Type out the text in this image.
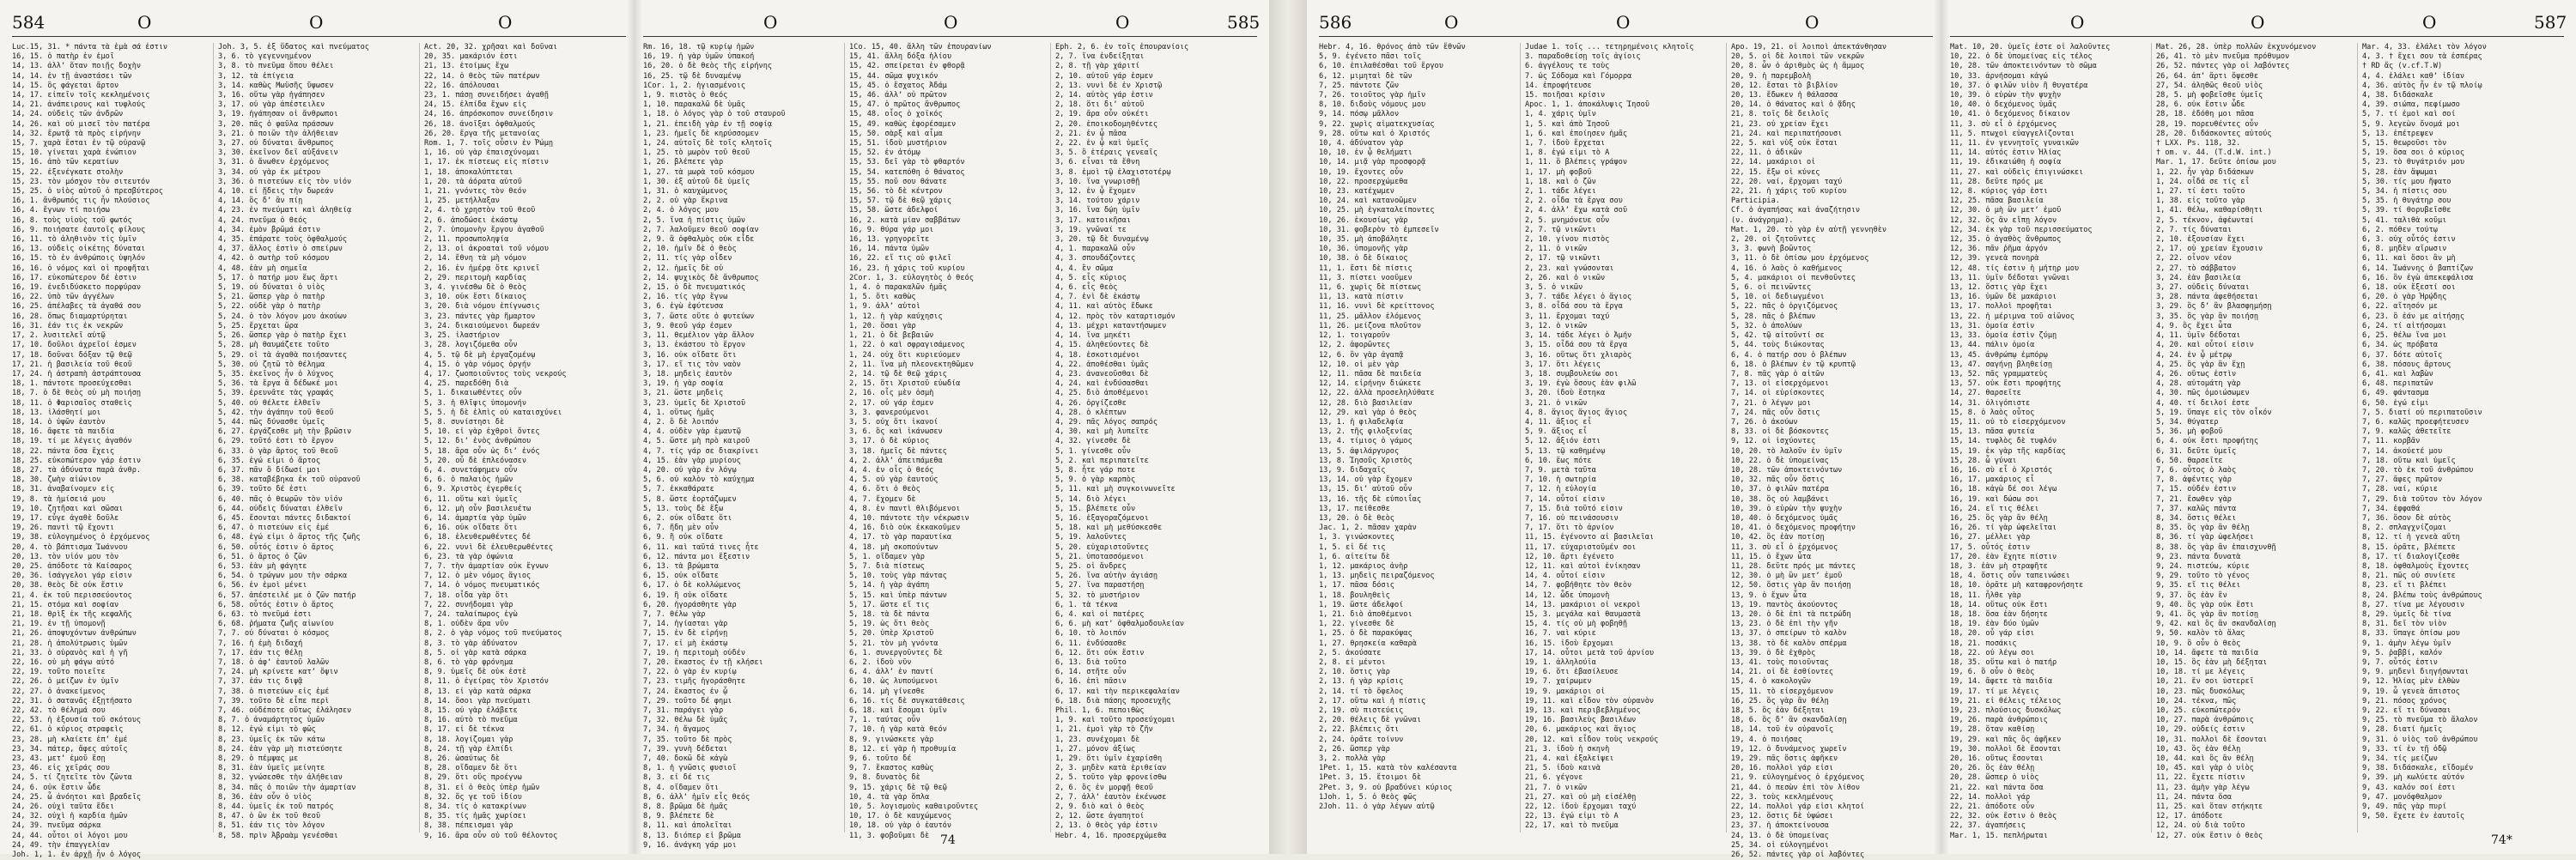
584	O	O	O
Luc.15, 31. * πάντα τὰ ἐμὰ σά ἐστιν
16, 15. ὁ πατὴρ ἐν ἐμοῖ
14, 13. ἀλλʼ ὅταν ποιῇς δοχὴν
14, 14. ἐν τῇ ἀναστάσει τῶν
14, 15. ὃς φάγεται ἄρτον
14, 17. εἰπεῖν τοῖς κεκλημένοις
14, 21. ἀνάπειρους καὶ τυφλούς
14, 24. οὐδεὶς τῶν ἀνδρῶν
14, 26. καὶ οὐ μισεῖ τὸν πατέρα
14, 32. ἔρωτᾷ τὰ πρὸς εἰρήνην
15, 7. χαρὰ ἔσται ἐν τῷ οὐρανῷ
15, 10. γίνεται χαρὰ ἐνώπιον
15, 16. ἀπὸ τῶν κερατίων
15, 22. ἐξενέγκατε στολὴν
15, 23. τὸν μόσχον τὸν σιτευτόν
15, 25. ὁ υἱὸς αὐτοῦ ὁ πρεσβύτερος
16, 1. ἄνθρωπός τις ἦν πλούσιος
16, 4. ἔγνων τί ποιήσω
16, 8. τοὺς υἱοὺς τοῦ φωτός
16, 9. ποιήσατε ἑαυτοῖς φίλους
16, 11. τὸ ἀληθινὸν τίς ὑμῖν
16, 13. οὐδεὶς οἰκέτης δύναται
16, 15. τὸ ἐν ἀνθρώποις ὑψηλόν
16, 16. ὁ νόμος καὶ οἱ προφῆται
16, 17. εὐκοπώτερον δέ ἐστιν
16, 19. ἐνεδιδύσκετο πορφύραν
16, 22. ὑπὸ τῶν ἀγγέλων
16, 25. ἀπέλαβες τὰ ἀγαθά σου
16, 28. ὅπως διαμαρτύρηται
16, 31. ἐάν τις ἐκ νεκρῶν
17, 2. λυσιτελεῖ αὐτῷ
17, 10. δοῦλοι ἀχρεῖοί ἐσμεν
17, 18. δοῦναι δόξαν τῷ θεῷ
17, 21. ἡ βασιλεία τοῦ θεοῦ
17, 24. ἡ ἀστραπὴ ἀστράπτουσα
18, 1. πάντοτε προσεύχεσθαι
18, 7. ὁ δὲ θεὸς οὐ μὴ ποιήσῃ
18, 11. ὁ Φαρισαῖος σταθεὶς
18, 13. ἱλάσθητί μοι
18, 14. ὁ ὑψῶν ἑαυτὸν
18, 16. ἄφετε τὰ παιδία
18, 19. τί με λέγεις ἀγαθόν
18, 22. πάντα ὅσα ἔχεις
18, 25. εὐκοπώτερον γάρ ἐστιν
18, 27. τὰ ἀδύνατα παρὰ ἀνθρ.
18, 30. ζωὴν αἰώνιον
18, 31. ἀναβαίνομεν εἰς
19, 8. τὰ ἡμίσειά μου
19, 10. ζητῆσαι καὶ σῶσαι
19, 17. εὖγε ἀγαθὲ δοῦλε
19, 26. παντὶ τῷ ἔχοντι
19, 38. εὐλογημένος ὁ ἐρχόμενος
20, 4. τὸ βάπτισμα Ἰωάννου
20, 13. τὸν υἱόν μου τὸν
20, 25. ἀπόδοτε τὰ Καίσαρος
20, 36. ἰσάγγελοι γάρ εἰσιν
20, 38. θεὸς δὲ οὐκ ἔστιν
21, 4. ἐκ τοῦ περισσεύοντος
21, 15. στόμα καὶ σοφίαν
21, 18. θρὶξ ἐκ τῆς κεφαλῆς
21, 19. ἐν τῇ ὑπομονῇ
21, 26. ἀποψυχόντων ἀνθρώπων
21, 28. ἡ ἀπολύτρωσις ὑμῶν
21, 33. ὁ οὐρανὸς καὶ ἡ γῆ
22, 16. οὐ μὴ φάγω αὐτό
22, 19. τοῦτο ποιεῖτε
22, 26. ὁ μείζων ἐν ὑμῖν
22, 27. ὁ ἀνακείμενος
22, 31. ὁ σατανᾶς ἐξῃτήσατο
22, 42. τὸ θέλημά σου
22, 53. ἡ ἐξουσία τοῦ σκότους
22, 61. ὁ κύριος στραφεὶς
23, 28. μὴ κλαίετε ἐπʼ ἐμέ
23, 34. πάτερ, ἄφες αὐτοῖς
23, 43. μετʼ ἐμοῦ ἔσῃ
23, 46. εἰς χεῖράς σου
24, 5. τί ζητεῖτε τὸν ζῶντα
24, 6. οὐκ ἔστιν ὧδε
24, 25. ὦ ἀνόητοι καὶ βραδεῖς
24, 26. οὐχὶ ταῦτα ἔδει
24, 32. οὐχὶ ἡ καρδία ἡμῶν
24, 39. πνεῦμα σάρκα
24, 44. οὗτοι οἱ λόγοι μου
24, 49. τὴν ἐπαγγελίαν
Joh. 1, 1. ἐν ἀρχῇ ἦν ὁ λόγος
Joh. 3, 5. ἐξ ὕδατος καὶ πνεύματος
3, 6. τὸ γεγεννημένον
3, 8. τὸ πνεῦμα ὅπου θέλει
3, 12. τὰ ἐπίγεια
3, 14. καθὼς Μωϋσῆς ὕψωσεν
3, 16. οὕτω γὰρ ἠγάπησεν
3, 17. οὐ γὰρ ἀπέστειλεν
3, 19. ἠγάπησαν οἱ ἄνθρωποι
3, 20. πᾶς ὁ φαῦλα πράσσων
3, 21. ὁ ποιῶν τὴν ἀλήθειαν
3, 27. οὐ δύναται ἄνθρωπος
3, 30. ἐκεῖνον δεῖ αὐξάνειν
3, 31. ὁ ἄνωθεν ἐρχόμενος
3, 34. οὐ γὰρ ἐκ μέτρου
3, 36. ὁ πιστεύων εἰς τὸν υἱόν
4, 10. εἰ ᾔδεις τὴν δωρεάν
4, 14. ὃς δʼ ἂν πίῃ
4, 23. ἐν πνεύματι καὶ ἀληθείᾳ
4, 24. πνεῦμα ὁ θεός
4, 34. ἐμὸν βρῶμά ἐστιν
4, 35. ἐπάρατε τοὺς ὀφθαλμούς
4, 37. ἄλλος ἐστὶν ὁ σπείρων
4, 42. ὁ σωτὴρ τοῦ κόσμου
4, 48. ἐὰν μὴ σημεῖα
5, 17. ὁ πατήρ μου ἕως ἄρτι
5, 19. οὐ δύναται ὁ υἱὸς
5, 21. ὥσπερ γὰρ ὁ πατὴρ
5, 22. οὐδὲ γὰρ ὁ πατὴρ
5, 24. ὁ τὸν λόγον μου ἀκούων
5, 25. ἔρχεται ὥρα
5, 26. ὥσπερ γὰρ ὁ πατὴρ ἔχει
5, 28. μὴ θαυμάζετε τοῦτο
5, 29. οἱ τὰ ἀγαθὰ ποιήσαντες
5, 30. οὐ ζητῶ τὸ θέλημα
5, 35. ἐκεῖνος ἦν ὁ λύχνος
5, 36. τὰ ἔργα ἃ δέδωκέ μοι
5, 39. ἐρευνᾶτε τὰς γραφάς
5, 40. οὐ θέλετε ἐλθεῖν
5, 42. τὴν ἀγάπην τοῦ θεοῦ
5, 44. πῶς δύνασθε ὑμεῖς
6, 27. ἐργάζεσθε μὴ τὴν βρῶσιν
6, 29. τοῦτό ἐστι τὸ ἔργον
6, 33. ὁ γὰρ ἄρτος τοῦ θεοῦ
6, 35. ἐγώ εἰμι ὁ ἄρτος
6, 37. πᾶν ὃ δίδωσί μοι
6, 38. καταβέβηκα ἐκ τοῦ οὐρανοῦ
6, 39. τοῦτο δέ ἐστι
6, 40. πᾶς ὁ θεωρῶν τὸν υἱόν
6, 44. οὐδεὶς δύναται ἐλθεῖν
6, 45. ἔσονται πάντες διδακτοί
6, 47. ὁ πιστεύων εἰς ἐμέ
6, 48. ἐγώ εἰμι ὁ ἄρτος τῆς ζωῆς
6, 50. οὗτός ἐστιν ὁ ἄρτος
6, 51. ὁ ἄρτος ὁ ζῶν
6, 53. ἐὰν μὴ φάγητε
6, 54. ὁ τρώγων μου τὴν σάρκα
6, 56. ἐν ἐμοὶ μένει
6, 57. ἀπέστειλέ με ὁ ζῶν πατήρ
6, 58. οὗτός ἐστιν ὁ ἄρτος
6, 63. τὸ πνεῦμά ἐστι
6, 68. ῥήματα ζωῆς αἰωνίου
7, 7. οὐ δύναται ὁ κόσμος
7, 16. ἡ ἐμὴ διδαχή
7, 17. ἐάν τις θέλῃ
7, 18. ὁ ἀφʼ ἑαυτοῦ λαλῶν
7, 24. μὴ κρίνετε κατʼ ὄψιν
7, 37. ἐάν τις διψᾷ
7, 38. ὁ πιστεύων εἰς ἐμέ
7, 39. τοῦτο δὲ εἶπε περὶ
7, 46. οὐδέποτε οὕτως ἐλάλησεν
8, 7. ὁ ἀναμάρτητος ὑμῶν
8, 12. ἐγώ εἰμι τὸ φῶς
8, 23. ὑμεῖς ἐκ τῶν κάτω
8, 24. ἐὰν γὰρ μὴ πιστεύσητε
8, 29. ὁ πέμψας με
8, 31. ἐὰν ὑμεῖς μείνητε
8, 32. γνώσεσθε τὴν ἀλήθειαν
8, 34. πᾶς ὁ ποιῶν τὴν ἁμαρτίαν
8, 36. ἐὰν οὖν ὁ υἱὸς
8, 44. ὑμεῖς ἐκ τοῦ πατρός
8, 47. ὁ ὢν ἐκ τοῦ θεοῦ
8, 51. ἐάν τις τὸν λόγον
8, 58. πρὶν Ἀβραὰμ γενέσθαι
Act. 20, 32. χρῆσαι καὶ δοῦναι
20, 35. μακάριόν ἐστι
21, 13. ἑτοίμως ἔχω
22, 14. ὁ θεὸς τῶν πατέρων
22, 16. ἀπόλουσαι
23, 1. πάσῃ συνειδήσει ἀγαθῇ
24, 15. ἐλπίδα ἔχων εἰς
24, 16. ἀπρόσκοπον συνείδησιν
26, 18. ἀνοῖξαι ὀφθαλμούς
26, 20. ἔργα τῆς μετανοίας
Rom. 1, 7. τοῖς οὖσιν ἐν Ῥώμῃ
1, 16. οὐ γὰρ ἐπαισχύνομαι
1, 17. ἐκ πίστεως εἰς πίστιν
1, 18. ἀποκαλύπτεται
1, 20. τὰ ἀόρατα αὐτοῦ
1, 21. γνόντες τὸν θεόν
1, 25. μετήλλαξαν
2, 4. τὸ χρηστὸν τοῦ θεοῦ
2, 6. ἀποδώσει ἑκάστῳ
2, 7. ὑπομονὴν ἔργου ἀγαθοῦ
2, 11. προσωποληψία
2, 13. οἱ ἀκροαταὶ τοῦ νόμου
2, 14. ἔθνη τὰ μὴ νόμον
2, 16. ἐν ἡμέρᾳ ὅτε κρινεῖ
2, 29. περιτομὴ καρδίας
3, 4. γινέσθω δὲ ὁ θεὸς
3, 10. οὐκ ἔστι δίκαιος
3, 20. διὰ νόμου ἐπίγνωσις
3, 23. πάντες γὰρ ἥμαρτον
3, 24. δικαιούμενοι δωρεάν
3, 25. ἱλαστήριον
3, 28. λογιζόμεθα οὖν
4, 5. τῷ δὲ μὴ ἐργαζομένῳ
4, 15. ὁ γὰρ νόμος ὀργήν
4, 17. ζωοποιοῦντος τοὺς νεκρούς
4, 25. παρεδόθη διὰ
5, 1. δικαιωθέντες οὖν
5, 3. ἡ θλῖψις ὑπομονήν
5, 5. ἡ δὲ ἐλπὶς οὐ καταισχύνει
5, 8. συνίστησι δὲ
5, 10. εἰ γὰρ ἐχθροὶ ὄντες
5, 12. διʼ ἑνὸς ἀνθρώπου
5, 18. ἄρα οὖν ὡς διʼ ἑνός
5, 20. οὗ δὲ ἐπλεόνασεν
6, 4. συνετάφημεν οὖν
6, 6. ὁ παλαιὸς ἡμῶν
6, 9. Χριστὸς ἐγερθείς
6, 11. οὕτω καὶ ὑμεῖς
6, 12. μὴ οὖν βασιλευέτω
6, 14. ἁμαρτία γὰρ ὑμῶν
6, 16. οὐκ οἴδατε ὅτι
6, 18. ἐλευθερωθέντες δέ
6, 22. νυνὶ δὲ ἐλευθερωθέντες
6, 23. τὰ γὰρ ὀψώνια
7, 7. τὴν ἁμαρτίαν οὐκ ἔγνων
7, 12. ὁ μὲν νόμος ἅγιος
7, 14. ὁ νόμος πνευματικός
7, 18. οἶδα γὰρ ὅτι
7, 22. συνήδομαι γὰρ
7, 24. ταλαίπωρος ἐγὼ
8, 1. οὐδὲν ἄρα νῦν
8, 2. ὁ γὰρ νόμος τοῦ πνεύματος
8, 3. τὸ γὰρ ἀδύνατον
8, 5. οἱ γὰρ κατὰ σάρκα
8, 6. τὸ γὰρ φρόνημα
8, 9. ὑμεῖς δὲ οὐκ ἐστὲ
8, 11. ὁ ἐγείρας τὸν Χριστόν
8, 13. εἰ γὰρ κατὰ σάρκα
8, 14. ὅσοι γὰρ πνεύματι
8, 15. οὐ γὰρ ἐλάβετε
8, 16. αὐτὸ τὸ πνεῦμα
8, 17. εἰ δὲ τέκνα
8, 18. λογίζομαι γὰρ
8, 24. τῇ γὰρ ἐλπίδι
8, 26. ὡσαύτως δὲ
8, 28. οἴδαμεν δὲ ὅτι
8, 29. ὅτι οὓς προέγνω
8, 31. εἰ ὁ θεὸς ὑπὲρ ἡμῶν
8, 32. ὅς γε τοῦ ἰδίου
8, 34. τίς ὁ κατακρίνων
8, 35. τίς ἡμᾶς χωρίσει
8, 38. πέπεισμαι γὰρ
9, 16. ἄρα οὖν οὐ τοῦ θέλοντος
O	O	O	585
Rm. 16, 18. τῷ κυρίῳ ἡμῶν
16, 19. ἡ γὰρ ὑμῶν ὑπακοή
16, 20. ὁ δὲ θεὸς τῆς εἰρήνης
16, 25. τῷ δὲ δυναμένῳ
1Cor. 1, 2. ἡγιασμένοις
1, 9. πιστὸς ὁ θεός
1, 10. παρακαλῶ δὲ ὑμᾶς
1, 18. ὁ λόγος γὰρ ὁ τοῦ σταυροῦ
1, 21. ἐπειδὴ γὰρ ἐν τῇ σοφίᾳ
1, 23. ἡμεῖς δὲ κηρύσσομεν
1, 24. αὐτοῖς δὲ τοῖς κλητοῖς
1, 25. τὸ μωρὸν τοῦ θεοῦ
1, 26. βλέπετε γὰρ
1, 27. τὰ μωρὰ τοῦ κόσμου
1, 30. ἐξ αὐτοῦ δὲ ὑμεῖς
1, 31. ὁ καυχώμενος
2, 2. οὐ γὰρ ἔκρινα
2, 4. ὁ λόγος μου
2, 5. ἵνα ἡ πίστις ὑμῶν
2, 7. λαλοῦμεν θεοῦ σοφίαν
2, 9. ἃ ὀφθαλμὸς οὐκ εἶδε
2, 10. ἡμῖν δὲ ὁ θεὸς
2, 11. τίς γὰρ οἶδεν
2, 12. ἡμεῖς δὲ οὐ
2, 14. ψυχικὸς δὲ ἄνθρωπος
2, 15. ὁ δὲ πνευματικός
2, 16. τίς γὰρ ἔγνω
3, 6. ἐγὼ ἐφύτευσα
3, 7. ὥστε οὔτε ὁ φυτεύων
3, 9. θεοῦ γάρ ἐσμεν
3, 11. θεμέλιον γὰρ ἄλλον
3, 13. ἑκάστου τὸ ἔργον
3, 16. οὐκ οἴδατε ὅτι
3, 17. εἴ τις τὸν ναὸν
3, 18. μηδεὶς ἑαυτὸν
3, 19. ἡ γὰρ σοφία
3, 21. ὥστε μηδεὶς
3, 23. ὑμεῖς δὲ Χριστοῦ
4, 1. οὕτως ἡμᾶς
4, 2. ὃ δὲ λοιπόν
4, 4. οὐδὲν γὰρ ἐμαυτῷ
4, 5. ὥστε μὴ πρὸ καιροῦ
4, 7. τίς γάρ σε διακρίνει
4, 15. ἐὰν γὰρ μυρίους
4, 20. οὐ γὰρ ἐν λόγῳ
5, 6. οὐ καλὸν τὸ καύχημα
5, 7. ἐκκαθάρατε
5, 8. ὥστε ἑορτάζωμεν
5, 13. τοὺς δὲ ἔξω
6, 2. οὐκ οἴδατε ὅτι
6, 7. ἤδη μὲν οὖν
6, 9. ἢ οὐκ οἴδατε
6, 11. καὶ ταῦτά τινες ἦτε
6, 12. πάντα μοι ἔξεστιν
6, 13. τὰ βρώματα
6, 15. οὐκ οἴδατε
6, 17. ὁ δὲ κολλώμενος
6, 19. ἢ οὐκ οἴδατε
6, 20. ἠγοράσθητε γὰρ
7, 7. θέλω γὰρ
7, 14. ἡγίασται γὰρ
7, 15. ἐν δὲ εἰρήνῃ
7, 17. εἰ μὴ ἑκάστῳ
7, 19. ἡ περιτομὴ οὐδέν
7, 20. ἕκαστος ἐν τῇ κλήσει
7, 22. ὁ γὰρ ἐν κυρίῳ
7, 23. τιμῆς ἠγοράσθητε
7, 24. ἕκαστος ἐν ᾧ
7, 29. τοῦτο δέ φημι
7, 31. παράγει γὰρ
7, 32. θέλω δὲ ὑμᾶς
7, 34. ἡ ἄγαμος
7, 35. τοῦτο δὲ πρὸς
7, 39. γυνὴ δέδεται
7, 40. δοκῶ δὲ κἀγὼ
8, 1. ἡ γνῶσις φυσιοῖ
8, 3. εἰ δέ τις
8, 4. οἴδαμεν ὅτι
8, 6. ἀλλʼ ἡμῖν εἷς θεός
8, 8. βρῶμα δὲ ἡμᾶς
8, 9. βλέπετε δὲ
8, 11. καὶ ἀπολεῖται
8, 13. διόπερ εἰ βρῶμα
9, 16. ἀνάγκη γάρ μοι
1Co. 15, 40. ἄλλη τῶν ἐπουρανίων
15, 41. ἄλλη δόξα ἡλίου
15, 42. σπείρεται ἐν φθορᾷ
15, 44. σῶμα ψυχικόν
15, 45. ὁ ἔσχατος Ἀδάμ
15, 46. ἀλλʼ οὐ πρῶτον
15, 47. ὁ πρῶτος ἄνθρωπος
15, 48. οἷος ὁ χοϊκός
15, 49. καθὼς ἐφορέσαμεν
15, 50. σὰρξ καὶ αἷμα
15, 51. ἰδοὺ μυστήριον
15, 52. ἐν ἀτόμῳ
15, 53. δεῖ γὰρ τὸ φθαρτόν
15, 54. κατεπόθη ὁ θάνατος
15, 55. ποῦ σου θάνατε
15, 56. τὸ δὲ κέντρον
15, 57. τῷ δὲ θεῷ χάρις
15, 58. ὥστε ἀδελφοί
16, 2. κατὰ μίαν σαββάτων
16, 9. θύρα γάρ μοι
16, 13. γρηγορεῖτε
16, 14. πάντα ὑμῶν
16, 22. εἴ τις οὐ φιλεῖ
16, 23. ἡ χάρις τοῦ κυρίου
2Cor. 1, 3. εὐλογητὸς ὁ θεός
1, 4. ὁ παρακαλῶν ἡμᾶς
1, 5. ὅτι καθὼς
1, 9. ἀλλʼ αὐτοὶ
1, 12. ἡ γὰρ καύχησις
1, 20. ὅσαι γὰρ
1, 21. ὁ δὲ βεβαιῶν
1, 22. ὁ καὶ σφραγισάμενος
1, 24. οὐχ ὅτι κυριεύομεν
2, 11. ἵνα μὴ πλεονεκτηθῶμεν
2, 14. τῷ δὲ θεῷ χάρις
2, 15. ὅτι Χριστοῦ εὐωδία
2, 16. οἷς μὲν ὀσμὴ
2, 17. οὐ γάρ ἐσμεν
3, 3. φανερούμενοι
3, 5. οὐχ ὅτι ἱκανοί
3, 6. ὃς καὶ ἱκάνωσεν
3, 17. ὁ δὲ κύριος
3, 18. ἡμεῖς δὲ πάντες
4, 2. ἀλλʼ ἀπειπάμεθα
4, 4. ἐν οἷς ὁ θεός
4, 5. οὐ γὰρ ἑαυτούς
4, 6. ὅτι ὁ θεὸς
4, 7. ἔχομεν δὲ
4, 8. ἐν παντὶ θλιβόμενοι
4, 10. πάντοτε τὴν νέκρωσιν
4, 16. διὸ οὐκ ἐκκακοῦμεν
4, 17. τὸ γὰρ παραυτίκα
4, 18. μὴ σκοπούντων
5, 1. οἴδαμεν γὰρ
5, 7. διὰ πίστεως
5, 10. τοὺς γὰρ πάντας
5, 14. ἡ γὰρ ἀγάπη
5, 15. καὶ ὑπὲρ πάντων
5, 17. ὥστε εἴ τις
5, 18. τὰ δὲ πάντα
5, 19. ὡς ὅτι θεὸς
5, 20. ὑπὲρ Χριστοῦ
5, 21. τὸν μὴ γνόντα
6, 1. συνεργοῦντες δὲ
6, 2. ἰδοὺ νῦν
6, 4. ἀλλʼ ἐν παντί
6, 10. ὡς λυπούμενοι
6, 14. μὴ γίνεσθε
6, 16. τίς δὲ συγκατάθεσις
6, 18. καὶ ἔσομαι ὑμῖν
7, 1. ταύτας οὖν
7, 10. ἡ γὰρ κατὰ θεόν
8, 9. γινώσκετε γὰρ
8, 12. εἰ γὰρ ἡ προθυμία
9, 6. τοῦτο δέ
9, 7. ἕκαστος καθὼς
9, 8. δυνατὸς δὲ
9, 15. χάρις δὲ τῷ θεῷ
10, 4. τὰ γὰρ ὅπλα
10, 5. λογισμοὺς καθαιροῦντες
10, 17. ὁ δὲ καυχώμενος
10, 18. οὐ γὰρ ὁ ἑαυτόν
11, 3. φοβοῦμαι δὲ
Eph. 2, 6. ἐν τοῖς ἐπουρανίοις
2, 7. ἵνα ἐνδείξηται
2, 8. τῇ γὰρ χάριτί
2, 10. αὐτοῦ γάρ ἐσμεν
2, 13. νυνὶ δὲ ἐν Χριστῷ
2, 14. αὐτὸς γάρ ἐστιν
2, 18. ὅτι διʼ αὐτοῦ
2, 19. ἄρα οὖν οὐκέτι
2, 20. ἐποικοδομηθέντες
2, 21. ἐν ᾧ πᾶσα
2, 22. ἐν ᾧ καὶ ὑμεῖς
3, 5. ὃ ἑτέραις γενεαῖς
3, 6. εἶναι τὰ ἔθνη
3, 8. ἐμοὶ τῷ ἐλαχιστοτέρῳ
3, 10. ἵνα γνωρισθῇ
3, 12. ἐν ᾧ ἔχομεν
3, 14. τούτου χάριν
3, 16. ἵνα δῴη ὑμῖν
3, 17. κατοικῆσαι
3, 19. γνῶναί τε
3, 20. τῷ δὲ δυναμένῳ
4, 1. παρακαλῶ οὖν
4, 3. σπουδάζοντες
4, 4. ἓν σῶμα
4, 5. εἷς κύριος
4, 6. εἷς θεὸς
4, 7. ἑνὶ δὲ ἑκάστῳ
4, 11. καὶ αὐτὸς ἔδωκε
4, 12. πρὸς τὸν καταρτισμόν
4, 13. μέχρι καταντήσωμεν
4, 14. ἵνα μηκέτι
4, 15. ἀληθεύοντες δὲ
4, 18. ἐσκοτισμένοι
4, 22. ἀποθέσθαι ὑμᾶς
4, 23. ἀνανεοῦσθαι δὲ
4, 24. καὶ ἐνδύσασθαι
4, 25. διὸ ἀποθέμενοι
4, 26. ὀργίζεσθε
4, 28. ὁ κλέπτων
4, 29. πᾶς λόγος σαπρός
4, 30. καὶ μὴ λυπεῖτε
4, 32. γίνεσθε δὲ
5, 1. γίνεσθε οὖν
5, 2. καὶ περιπατεῖτε
5, 8. ἦτε γάρ ποτε
5, 9. ὁ γὰρ καρπὸς
5, 11. καὶ μὴ συγκοινωνεῖτε
5, 14. διὸ λέγει
5, 15. βλέπετε οὖν
5, 16. ἐξαγοραζόμενοι
5, 18. καὶ μὴ μεθύσκεσθε
5, 19. λαλοῦντες
5, 20. εὐχαριστοῦντες
5, 21. ὑποτασσόμενοι
5, 25. οἱ ἄνδρες
5, 26. ἵνα αὐτὴν ἁγιάσῃ
5, 27. ἵνα παραστήσῃ
5, 32. τὸ μυστήριον
6, 1. τὰ τέκνα
6, 4. καὶ οἱ πατέρες
6, 6. μὴ κατʼ ὀφθαλμοδουλείαν
6, 10. τὸ λοιπόν
6, 11. ἐνδύσασθε
6, 12. ὅτι οὐκ ἔστιν
6, 13. διὰ τοῦτο
6, 14. στῆτε οὖν
6, 16. ἐπὶ πᾶσιν
6, 17. καὶ τὴν περικεφαλαίαν
6, 18. διὰ πάσης προσευχῆς
Phil. 1, 6. πεποιθὼς
1, 9. καὶ τοῦτο προσεύχομαι
1, 21. ἐμοὶ γὰρ τὸ ζῆν
1, 23. συνέχομαι δὲ
1, 27. μόνον ἀξίως
1, 29. ὅτι ὑμῖν ἐχαρίσθη
2, 3. μηδὲν κατὰ ἐριθείαν
2, 5. τοῦτο γὰρ φρονείσθω
2, 6. ὃς ἐν μορφῇ θεοῦ
2, 7. ἀλλʼ ἑαυτὸν ἐκένωσε
2, 9. διὸ καὶ ὁ θεὸς
2, 12. ὥστε ἀγαπητοί
2, 13. ὁ θεὸς γάρ ἐστιν
Hebr. 4, 16. προσερχώμεθα
74
586	O	O	O
Hebr. 4, 16. θρόνος ἀπὸ τῶν ἔθνῶν
5, 9. ἐγένετο πᾶσι τοῖς
6, 10. ἐπιλαθέσθαι τοῦ ἔργου
6, 12. μιμηταὶ δὲ τῶν
7, 25. πάντοτε ζῶν
7, 26. τοιοῦτος γὰρ ἡμῖν
8, 10. διδοὺς νόμους μου
9, 14. πόσῳ μᾶλλον
9, 22. χωρὶς αἱματεκχυσίας
9, 28. οὕτω καὶ ὁ Χριστός
10, 4. ἀδύνατον γὰρ
10, 10. ἐν ᾧ θελήματι
10, 14. μιᾷ γὰρ προσφορᾷ
10, 19. ἔχοντες οὖν
10, 22. προσερχώμεθα
10, 23. κατέχωμεν
10, 24. καὶ κατανοῶμεν
10, 25. μὴ ἐγκαταλείποντες
10, 26. ἑκουσίως γὰρ
10, 31. φοβερὸν τὸ ἐμπεσεῖν
10, 35. μὴ ἀποβάλητε
10, 36. ὑπομονῆς γὰρ
10, 38. ὁ δὲ δίκαιος
11, 1. ἔστι δὲ πίστις
11, 3. πίστει νοοῦμεν
11, 6. χωρὶς δὲ πίστεως
11, 13. κατὰ πίστιν
11, 16. νυνὶ δὲ κρείττονος
11, 25. μᾶλλον ἑλόμενος
11, 26. μείζονα πλοῦτον
12, 1. τοιγαροῦν
12, 2. ἀφορῶντες
12, 6. ὃν γὰρ ἀγαπᾷ
12, 10. οἱ μὲν γὰρ
12, 11. πᾶσα δὲ παιδεία
12, 14. εἰρήνην διώκετε
12, 22. ἀλλὰ προσεληλύθατε
12, 28. διὸ βασιλείαν
12, 29. καὶ γὰρ ὁ θεὸς
13, 1. ἡ φιλαδελφία
13, 2. τῆς φιλοξενίας
13, 4. τίμιος ὁ γάμος
13, 5. ἀφιλάργυρος
13, 8. Ἰησοῦς Χριστὸς
13, 9. διδαχαῖς
13, 14. οὐ γὰρ ἔχομεν
13, 15. διʼ αὐτοῦ οὖν
13, 16. τῆς δὲ εὐποιΐας
13, 17. πείθεσθε
13, 20. ὁ δὲ θεὸς
Jac. 1, 2. πᾶσαν χαρὰν
1, 3. γινώσκοντες
1, 5. εἰ δέ τις
1, 6. αἰτείτω δὲ
1, 12. μακάριος ἀνὴρ
1, 13. μηδεὶς πειραζόμενος
1, 17. πᾶσα δόσις
1, 18. βουληθεὶς
1, 19. ὥστε ἀδελφοί
1, 21. διὸ ἀποθέμενοι
1, 22. γίνεσθε δὲ
1, 25. ὁ δὲ παρακύψας
1, 27. θρησκεία καθαρὰ
2, 5. ἀκούσατε
2, 8. εἰ μέντοι
2, 10. ὅστις γὰρ
2, 13. ἡ γὰρ κρίσις
2, 14. τί τὸ ὄφελος
2, 17. οὕτω καὶ ἡ πίστις
2, 19. σὺ πιστεύεις
2, 20. θέλεις δὲ γνῶναι
2, 22. βλέπεις ὅτι
2, 24. ὁρᾶτε τοίνυν
2, 26. ὥσπερ γὰρ
3, 2. πολλὰ γὰρ
1Pet. 1, 15. κατὰ τὸν καλέσαντα
1Pet. 3, 15. ἕτοιμοι δὲ
2Pet. 3, 9. οὐ βραδύνει κύριος
1Joh. 1, 5. ὁ θεὸς φῶς
2Joh. 11. ὁ γὰρ λέγων αὐτῷ
Judae 1. τοῖς ... τετηρημένοις κλητοῖς
3. παραδοθείσῃ τοῖς ἁγίοις
6. ἀγγέλους τε τοὺς
7. ὡς Σόδομα καὶ Γόμορρα
14. ἐπροφήτευσε
15. ποιῆσαι κρίσιν
Apoc. 1, 1. ἀποκάλυψις Ἰησοῦ
1, 4. χάρις ὑμῖν
1, 5. καὶ ἀπὸ Ἰησοῦ
1, 6. καὶ ἐποίησεν ἡμᾶς
1, 7. ἰδοὺ ἔρχεται
1, 8. ἐγώ εἰμι τὸ Α
1, 11. ὃ βλέπεις γράψον
1, 17. μὴ φοβοῦ
1, 18. καὶ ὁ ζῶν
2, 1. τάδε λέγει
2, 2. οἶδα τὰ ἔργα σου
2, 4. ἀλλʼ ἔχω κατὰ σοῦ
2, 5. μνημόνευε οὖν
2, 7. τῷ νικῶντι
2, 10. γίνου πιστὸς
2, 11. ὁ νικῶν
2, 17. τῷ νικῶντι
2, 23. καὶ γνώσονται
2, 26. καὶ ὁ νικῶν
3, 5. ὁ νικῶν
3, 7. τάδε λέγει ὁ ἅγιος
3, 8. οἶδά σου τὰ ἔργα
3, 11. ἔρχομαι ταχύ
3, 12. ὁ νικῶν
3, 14. τάδε λέγει ὁ Ἀμήν
3, 15. οἶδά σου τὰ ἔργα
3, 16. οὕτως ὅτι χλιαρὸς
3, 17. ὅτι λέγεις
3, 18. συμβουλεύω σοι
3, 19. ἐγὼ ὅσους ἐὰν φιλῶ
3, 20. ἰδοὺ ἕστηκα
3, 21. ὁ νικῶν
4, 8. ἅγιος ἅγιος ἅγιος
4, 11. ἄξιος εἶ
5, 9. ἄξιος εἶ
5, 12. ἄξιόν ἐστι
5, 13. τῷ καθημένῳ
6, 10. ἕως πότε
7, 9. μετὰ ταῦτα
7, 10. ἡ σωτηρία
7, 12. ἡ εὐλογία
7, 14. οὗτοί εἰσιν
7, 15. διὰ τοῦτό εἰσιν
7, 16. οὐ πεινάσουσιν
7, 17. ὅτι τὸ ἀρνίον
11, 15. ἐγένοντο αἱ βασιλεῖαι
11, 17. εὐχαριστοῦμέν σοι
12, 10. ἄρτι ἐγένετο
12, 11. καὶ αὐτοὶ ἐνίκησαν
14, 4. οὗτοί εἰσιν
14, 7. φοβήθητε τὸν θεὸν
14, 12. ὧδε ὑπομονὴ
14, 13. μακάριοι οἱ νεκροὶ
15, 3. μεγάλα καὶ θαυμαστὰ
15, 4. τίς οὐ μὴ φοβηθῇ
16, 7. ναὶ κύριε
16, 15. ἰδοὺ ἔρχομαι
17, 14. οὗτοι μετὰ τοῦ ἀρνίου
19, 1. ἀλληλούϊα
19, 6. ὅτι ἐβασίλευσε
19, 7. χαίρωμεν
19, 9. μακάριοι οἱ
19, 11. καὶ εἶδον τὸν οὐρανὸν
19, 13. καὶ περιβεβλημένος
19, 16. βασιλεὺς βασιλέων
20, 6. μακάριος καὶ ἅγιος
20, 12. καὶ εἶδον τοὺς νεκρούς
21, 3. ἰδοὺ ἡ σκηνὴ
21, 4. καὶ ἐξαλείψει
21, 5. ἰδοὺ καινὰ
21, 6. γέγονε
21, 7. ὁ νικῶν
21, 27. καὶ οὐ μὴ εἰσέλθῃ
22, 12. ἰδοὺ ἔρχομαι ταχύ
22, 13. ἐγώ εἰμι τὸ Α
22, 17. καὶ τὸ πνεῦμα
Apo. 19, 21. οἱ λοιποὶ ἀπεκτάνθησαν
20, 5. οἱ δὲ λοιποὶ τῶν νεκρῶν
20, 8. ὧν ὁ ἀριθμὸς ὡς ἡ ἄμμος
20, 9. ἡ παρεμβολὴ
20, 12. ἔσται τὸ βιβλίον
20, 13. ἔδωκεν ἡ θάλασσα
20, 14. ὁ θάνατος καὶ ὁ ᾅδης
21, 8. τοῖς δὲ δειλοῖς
21, 23. οὐ χρείαν ἔχει
21, 24. καὶ περιπατήσουσι
22, 5. καὶ νὺξ οὐκ ἔσται
22, 11. ὁ ἀδικῶν
22, 14. μακάριοι οἱ
22, 15. ἔξω οἱ κύνες
22, 20. ναί, ἔρχομαι ταχύ
22, 21. ἡ χάρις τοῦ κυρίου
Participia.
Cf. ὁ ἀγαπήσας καὶ ἀναζήτησιν
(ν. ἀνάγρημα).
Mat. 1, 20. τὸ γὰρ ἐν αὐτῇ γεννηθὲν
2, 20. οἱ ζητοῦντες
3, 3. φωνὴ βοῶντος
3, 11. ὁ δὲ ὀπίσω μου ἐρχόμενος
4, 16. ὁ λαὸς ὁ καθήμενος
5, 4. μακάριοι οἱ πενθοῦντες
5, 6. οἱ πεινῶντες
5, 10. οἱ δεδιωγμένοι
5, 22. πᾶς ὁ ὀργιζόμενος
5, 28. πᾶς ὁ βλέπων
5, 32. ὁ ἀπολύων
5, 42. τῷ αἰτοῦντί σε
5, 44. τοὺς διώκοντας
6, 4. ὁ πατήρ σου ὁ βλέπων
6, 18. ὁ βλέπων ἐν τῷ κρυπτῷ
7, 8. πᾶς γὰρ ὁ αἰτῶν
7, 13. οἱ εἰσερχόμενοι
7, 14. οἱ εὑρίσκοντες
7, 21. ὁ λέγων μοι
7, 24. πᾶς οὖν ὅστις
7, 26. ὁ ἀκούων
8, 33. οἱ δὲ βόσκοντες
9, 12. οἱ ἰσχύοντες
10, 20. τὸ λαλοῦν ἐν ὑμῖν
10, 22. ὁ δὲ ὑπομείνας
10, 28. τῶν ἀποκτεινόντων
10, 32. πᾶς οὖν ὅστις
10, 37. ὁ φιλῶν πατέρα
10, 38. ὃς οὐ λαμβάνει
10, 39. ὁ εὑρὼν τὴν ψυχὴν
10, 40. ὁ δεχόμενος ὑμᾶς
10, 41. ὁ δεχόμενος προφήτην
10, 42. ὃς ἐὰν ποτίσῃ
11, 3. σὺ εἶ ὁ ἐρχόμενος
11, 15. ὁ ἔχων ὦτα
11, 28. δεῦτε πρός με πάντες
12, 30. ὁ μὴ ὢν μετʼ ἐμοῦ
12, 50. ὅστις γὰρ ἂν ποιήσῃ
13, 9. ὁ ἔχων ὦτα
13, 19. παντὸς ἀκούοντος
13, 20. ὁ δὲ ἐπὶ τὰ πετρώδη
13, 23. ὁ δὲ ἐπὶ τὴν γῆν
13, 37. ὁ σπείρων τὸ καλὸν
13, 38. τὸ δὲ καλὸν σπέρμα
13, 39. ὁ δὲ ἐχθρὸς
13, 41. τοὺς ποιοῦντας
14, 21. οἱ δὲ ἐσθίοντες
15, 4. ὁ κακολογῶν
15, 11. τὸ εἰσερχόμενον
16, 25. ὃς γὰρ ἂν θέλῃ
18, 5. ὃς ἐὰν δέξηται
18, 6. ὃς δʼ ἂν σκανδαλίσῃ
18, 14. τοῦ ἐν οὐρανοῖς
19, 4. ὁ ποιήσας
19, 12. ὁ δυνάμενος χωρεῖν
19, 29. πᾶς ὅστις ἀφῆκεν
20, 16. πολλοὶ γάρ εἰσι
21, 9. εὐλογημένος ὁ ἐρχόμενος
21, 44. ὁ πεσὼν ἐπὶ τὸν λίθον
22, 3. τοὺς κεκλημένους
22, 14. πολλοὶ γάρ εἰσι κλητοί
23, 12. ὅστις δὲ ὑψώσει
23, 37. ἡ ἀποκτείνουσα
24, 13. ὁ δὲ ὑπομείνας
25, 34. οἱ εὐλογημένοι
26, 52. πάντες γὰρ οἱ λαβόντες
O	O	O	587
Mat. 10, 20. ὑμεῖς ἐστε οἱ λαλοῦντες
10, 22. ὁ δὲ ὑπομείνας εἰς τέλος
10, 28. τῶν ἀποκτεινόντων τὸ σῶμα
10, 33. ἀρνήσομαι κἀγώ
10, 37. ὁ φιλῶν υἱὸν ἢ θυγατέρα
10, 39. ὁ εὑρὼν τὴν ψυχὴν
10, 40. ὁ δεχόμενος ὑμᾶς
10, 41. ὁ δεχόμενος δίκαιον
11, 3. σὺ εἶ ὁ ἐρχόμενος
11, 5. πτωχοὶ εὐαγγελίζονται
11, 11. ἐν γεννητοῖς γυναικῶν
11, 14. αὐτός ἐστιν Ἠλίας
11, 19. ἐδικαιώθη ἡ σοφία
11, 27. καὶ οὐδεὶς ἐπιγινώσκει
11, 28. δεῦτε πρός με
12, 8. κύριος γάρ ἐστι
12, 25. πᾶσα βασιλεία
12, 30. ὁ μὴ ὢν μετʼ ἐμοῦ
12, 32. ὃς ἂν εἴπῃ λόγον
12, 34. ἐκ γὰρ τοῦ περισσεύματος
12, 35. ὁ ἀγαθὸς ἄνθρωπος
12, 36. πᾶν ῥῆμα ἀργόν
12, 39. γενεὰ πονηρὰ
12, 48. τίς ἐστιν ἡ μήτηρ μου
13, 11. ὑμῖν δέδοται γνῶναι
13, 12. ὅστις γὰρ ἔχει
13, 16. ὑμῶν δὲ μακάριοι
13, 17. πολλοὶ προφῆται
13, 22. ἡ μέριμνα τοῦ αἰῶνος
13, 31. ὁμοία ἐστὶν
13, 33. ὁμοία ἐστὶν ζύμῃ
13, 44. πάλιν ὁμοία
13, 45. ἀνθρώπῳ ἐμπόρῳ
13, 47. σαγήνῃ βληθείσῃ
13, 52. πᾶς γραμματεὺς
13, 57. οὐκ ἔστι προφήτης
14, 27. θαρσεῖτε
14, 31. ὀλιγόπιστε
15, 8. ὁ λαὸς οὗτος
15, 11. οὐ τὸ εἰσερχόμενον
15, 13. πᾶσα φυτεία
15, 14. τυφλὸς δὲ τυφλόν
15, 19. ἐκ γὰρ τῆς καρδίας
15, 28. ὦ γύναι
16, 16. σὺ εἶ ὁ Χριστός
16, 17. μακάριος εἶ
16, 18. κἀγὼ δέ σοι λέγω
16, 19. καὶ δώσω σοι
16, 24. εἴ τις θέλει
16, 25. ὃς γὰρ ἂν θέλῃ
16, 26. τί γὰρ ὠφελεῖται
16, 27. μέλλει γὰρ
17, 5. οὗτός ἐστιν
17, 20. ἐὰν ἔχητε πίστιν
18, 3. ἐὰν μὴ στραφῆτε
18, 4. ὅστις οὖν ταπεινώσει
18, 10. ὁρᾶτε μὴ καταφρονήσητε
18, 11. ἦλθε γὰρ
18, 14. οὕτως οὐκ ἔστι
18, 18. ὅσα ἐὰν δήσητε
18, 19. ἐὰν δύο ὑμῶν
18, 20. οὗ γάρ εἰσι
18, 21. ποσάκις
18, 22. οὐ λέγω σοι
18, 35. οὕτω καὶ ὁ πατήρ
19, 6. ὃ οὖν ὁ θεὸς
19, 14. ἄφετε τὰ παιδία
19, 17. τί με λέγεις
19, 21. εἰ θέλεις τέλειος
19, 23. πλούσιος δυσκόλως
19, 26. παρὰ ἀνθρώποις
19, 28. ὅταν καθίσῃ
19, 29. καὶ πᾶς ὃς ἀφῆκεν
19, 30. πολλοὶ δὲ ἔσονται
20, 16. οὕτως ἔσονται
20, 26. ὃς ἐὰν θέλῃ
20, 28. ὥσπερ ὁ υἱὸς
21, 22. καὶ πάντα ὅσα
22, 14. πολλοὶ γάρ
22, 21. ἀπόδοτε οὖν
22, 32. οὐκ ἔστιν ὁ θεὸς
22, 37. ἀγαπήσεις
Mar. 1, 15. πεπλήρωται
Mat. 26, 28. ὑπὲρ πολλῶν ἐκχυνόμενον
26, 41. τὸ μὲν πνεῦμα πρόθυμον
26, 52. πάντες γὰρ οἱ λαβόντες
26, 64. ἀπʼ ἄρτι ὄψεσθε
27, 54. ἀληθῶς θεοῦ υἱὸς
28, 5. μὴ φοβεῖσθε ὑμεῖς
28, 6. οὐκ ἔστιν ὧδε
28, 18. ἐδόθη μοι πᾶσα
28, 19. πορευθέντες οὖν
28, 20. διδάσκοντες αὐτούς
† LXX. Ps. 118, 32.
† om. v. 44. (T.d.W. int.)
Mar. 1, 17. δεῦτε ὀπίσω μου
1, 22. ἦν γὰρ διδάσκων
1, 24. οἶδά σε τίς εἶ
1, 27. τί ἐστι τοῦτο
1, 38. εἰς τοῦτο γὰρ
1, 41. θέλω, καθαρίσθητι
2, 5. τέκνον, ἀφέωνταί
2, 7. τίς δύναται
2, 10. ἐξουσίαν ἔχει
2, 17. οὐ χρείαν ἔχουσιν
2, 22. οἶνον νέον
2, 27. τὸ σάββατον
3, 24. ἐὰν βασιλεία
3, 27. οὐδεὶς δύναται
3, 28. πάντα ἀφεθήσεται
3, 29. ὃς δʼ ἂν βλασφημήσῃ
3, 35. ὃς γὰρ ἂν ποιήσῃ
4, 9. ὃς ἔχει ὦτα
4, 11. ὑμῖν δέδοται
4, 20. καὶ οὗτοί εἰσιν
4, 24. ἐν ᾧ μέτρῳ
4, 25. ὃς γὰρ ἂν ἔχῃ
4, 26. οὕτως ἐστὶν
4, 28. αὐτομάτη γὰρ
4, 30. πῶς ὁμοιώσωμεν
4, 40. τί δειλοί ἐστε
5, 19. ὕπαγε εἰς τὸν οἶκόν
5, 34. θύγατερ
5, 36. μὴ φοβοῦ
6, 4. οὐκ ἔστι προφήτης
6, 31. δεῦτε ὑμεῖς
6, 50. θαρσεῖτε
7, 6. οὗτος ὁ λαὸς
7, 8. ἀφέντες γὰρ
7, 15. οὐδέν ἐστιν
7, 21. ἔσωθεν γὰρ
7, 37. καλῶς πάντα
8, 34. ὅστις θέλει
8, 35. ὃς γὰρ ἂν θέλῃ
8, 36. τί γὰρ ὠφελήσει
8, 38. ὃς γὰρ ἂν ἐπαισχυνθῇ
9, 23. πάντα δυνατὰ
9, 24. πιστεύω, κύριε
9, 29. τοῦτο τὸ γένος
9, 35. εἴ τις θέλει
9, 37. ὃς ἐὰν ἓν
9, 40. ὃς γὰρ οὐκ ἔστι
9, 41. ὃς γὰρ ἂν ποτίσῃ
9, 42. καὶ ὃς ἂν σκανδαλίσῃ
9, 50. καλὸν τὸ ἅλας
10, 9. ὃ οὖν ὁ θεὸς
10, 14. ἄφετε τὰ παιδία
10, 15. ὃς ἐὰν μὴ δέξηται
10, 18. τί με λέγεις
10, 21. ἕν σοι ὑστερεῖ
10, 23. πῶς δυσκόλως
10, 24. τέκνα, πῶς
10, 25. εὐκοπώτερόν
10, 27. παρὰ ἀνθρώποις
10, 29. οὐδείς ἐστιν
10, 31. πολλοὶ δὲ ἔσονται
10, 43. ὃς ἐὰν θέλῃ
10, 44. καὶ ὃς ἂν θέλῃ
10, 45. καὶ γὰρ ὁ υἱὸς
11, 22. ἔχετε πίστιν
11, 23. ἀμὴν γὰρ λέγω
11, 24. πάντα ὅσα
11, 25. καὶ ὅταν στήκητε
12, 17. ἀπόδοτε
12, 24. οὐ διὰ τοῦτο
12, 27. οὐκ ἔστιν ὁ θεὸς
Mar. 4, 33. ἐλάλει τὸν λόγον
4, 3. † ἔχει σου τὰ ἐσπέρας
† RD ἄς (v.cf.T.W)
4, 4. ἐλάλει καθʼ ἰδίαν
4, 36. αὐτὸς ἦν ἐν τῷ πλοίῳ
4, 38. διδάσκαλε
4, 39. σιώπα, πεφίμωσο
5, 7. τί ἐμοὶ καὶ σοί
5, 9. λεγεὼν ὄνομά μοι
5, 13. ἐπέτρεψεν
5, 15. θεωροῦσι τὸν
5, 19. ὅσα σοι ὁ κύριος
5, 23. τὸ θυγάτριόν μου
5, 28. ἐὰν ἅψωμαι
5, 30. τίς μου ἥψατο
5, 34. ἡ πίστις σου
5, 35. ἡ θυγάτηρ σου
5, 39. τί θορυβεῖσθε
5, 41. ταλιθὰ κοῦμι
6, 2. πόθεν τούτῳ
6, 3. οὐχ οὗτός ἐστιν
6, 8. μηδὲν αἴρωσιν
6, 11. καὶ ὅσοι ἂν μὴ
6, 14. Ἰωάννης ὁ βαπτίζων
6, 16. ὃν ἐγὼ ἀπεκεφάλισα
6, 18. οὐκ ἔξεστί σοι
6, 20. ὁ γὰρ Ἡρῴδης
6, 22. αἴτησόν με
6, 23. ὃ ἐάν με αἰτήσῃς
6, 24. τί αἰτήσομαι
6, 25. θέλω ἵνα μοι
6, 34. ὡς πρόβατα
6, 37. δότε αὐτοῖς
6, 38. πόσους ἄρτους
6, 41. καὶ λαβὼν
6, 48. περιπατῶν
6, 49. φάντασμα
6, 50. ἐγώ εἰμι
7, 5. διατί οὐ περιπατοῦσιν
7, 6. καλῶς προεφήτευσεν
7, 9. καλῶς ἀθετεῖτε
7, 11. κορβᾶν
7, 14. ἀκούετέ μου
7, 18. οὕτω καὶ ὑμεῖς
7, 20. τὸ ἐκ τοῦ ἀνθρώπου
7, 27. ἄφες πρῶτον
7, 28. ναί, κύριε
7, 29. διὰ τοῦτον τὸν λόγον
7, 34. ἐφφαθά
7, 36. ὅσον δὲ αὐτὸς
8, 2. σπλαγχνίζομαι
8, 12. τί ἡ γενεὰ αὕτη
8, 15. ὁρᾶτε, βλέπετε
8, 17. τί διαλογίζεσθε
8, 18. ὀφθαλμοὺς ἔχοντες
8, 21. πῶς οὐ συνίετε
8, 23. εἴ τι βλέπει
8, 24. βλέπω τοὺς ἀνθρώπους
8, 27. τίνα με λέγουσιν
8, 29. ὑμεῖς δὲ τίνα
8, 31. δεῖ τὸν υἱὸν
8, 33. ὕπαγε ὀπίσω μου
9, 1. ἀμὴν λέγω ὑμῖν
9, 5. ῥαββί, καλόν
9, 7. οὗτός ἐστιν
9, 9. μηδενὶ διηγήσωνται
9, 12. Ἠλίας μὲν ἐλθὼν
9, 19. ὦ γενεὰ ἄπιστος
9, 21. πόσος χρόνος
9, 22. εἴ τι δύνασαι
9, 25. τὸ πνεῦμα τὸ ἄλαλον
9, 28. διατί ἡμεῖς
9, 31. ὁ υἱὸς τοῦ ἀνθρώπου
9, 33. τί ἐν τῇ ὁδῷ
9, 34. τίς μείζων
9, 38. διδάσκαλε, εἴδομέν
9, 39. μὴ κωλύετε αὐτόν
9, 43. καλόν σοί ἐστι
9, 47. μονόφθαλμον
9, 49. πᾶς γὰρ πυρί
9, 50. ἔχετε ἐν ἑαυτοῖς
74*
